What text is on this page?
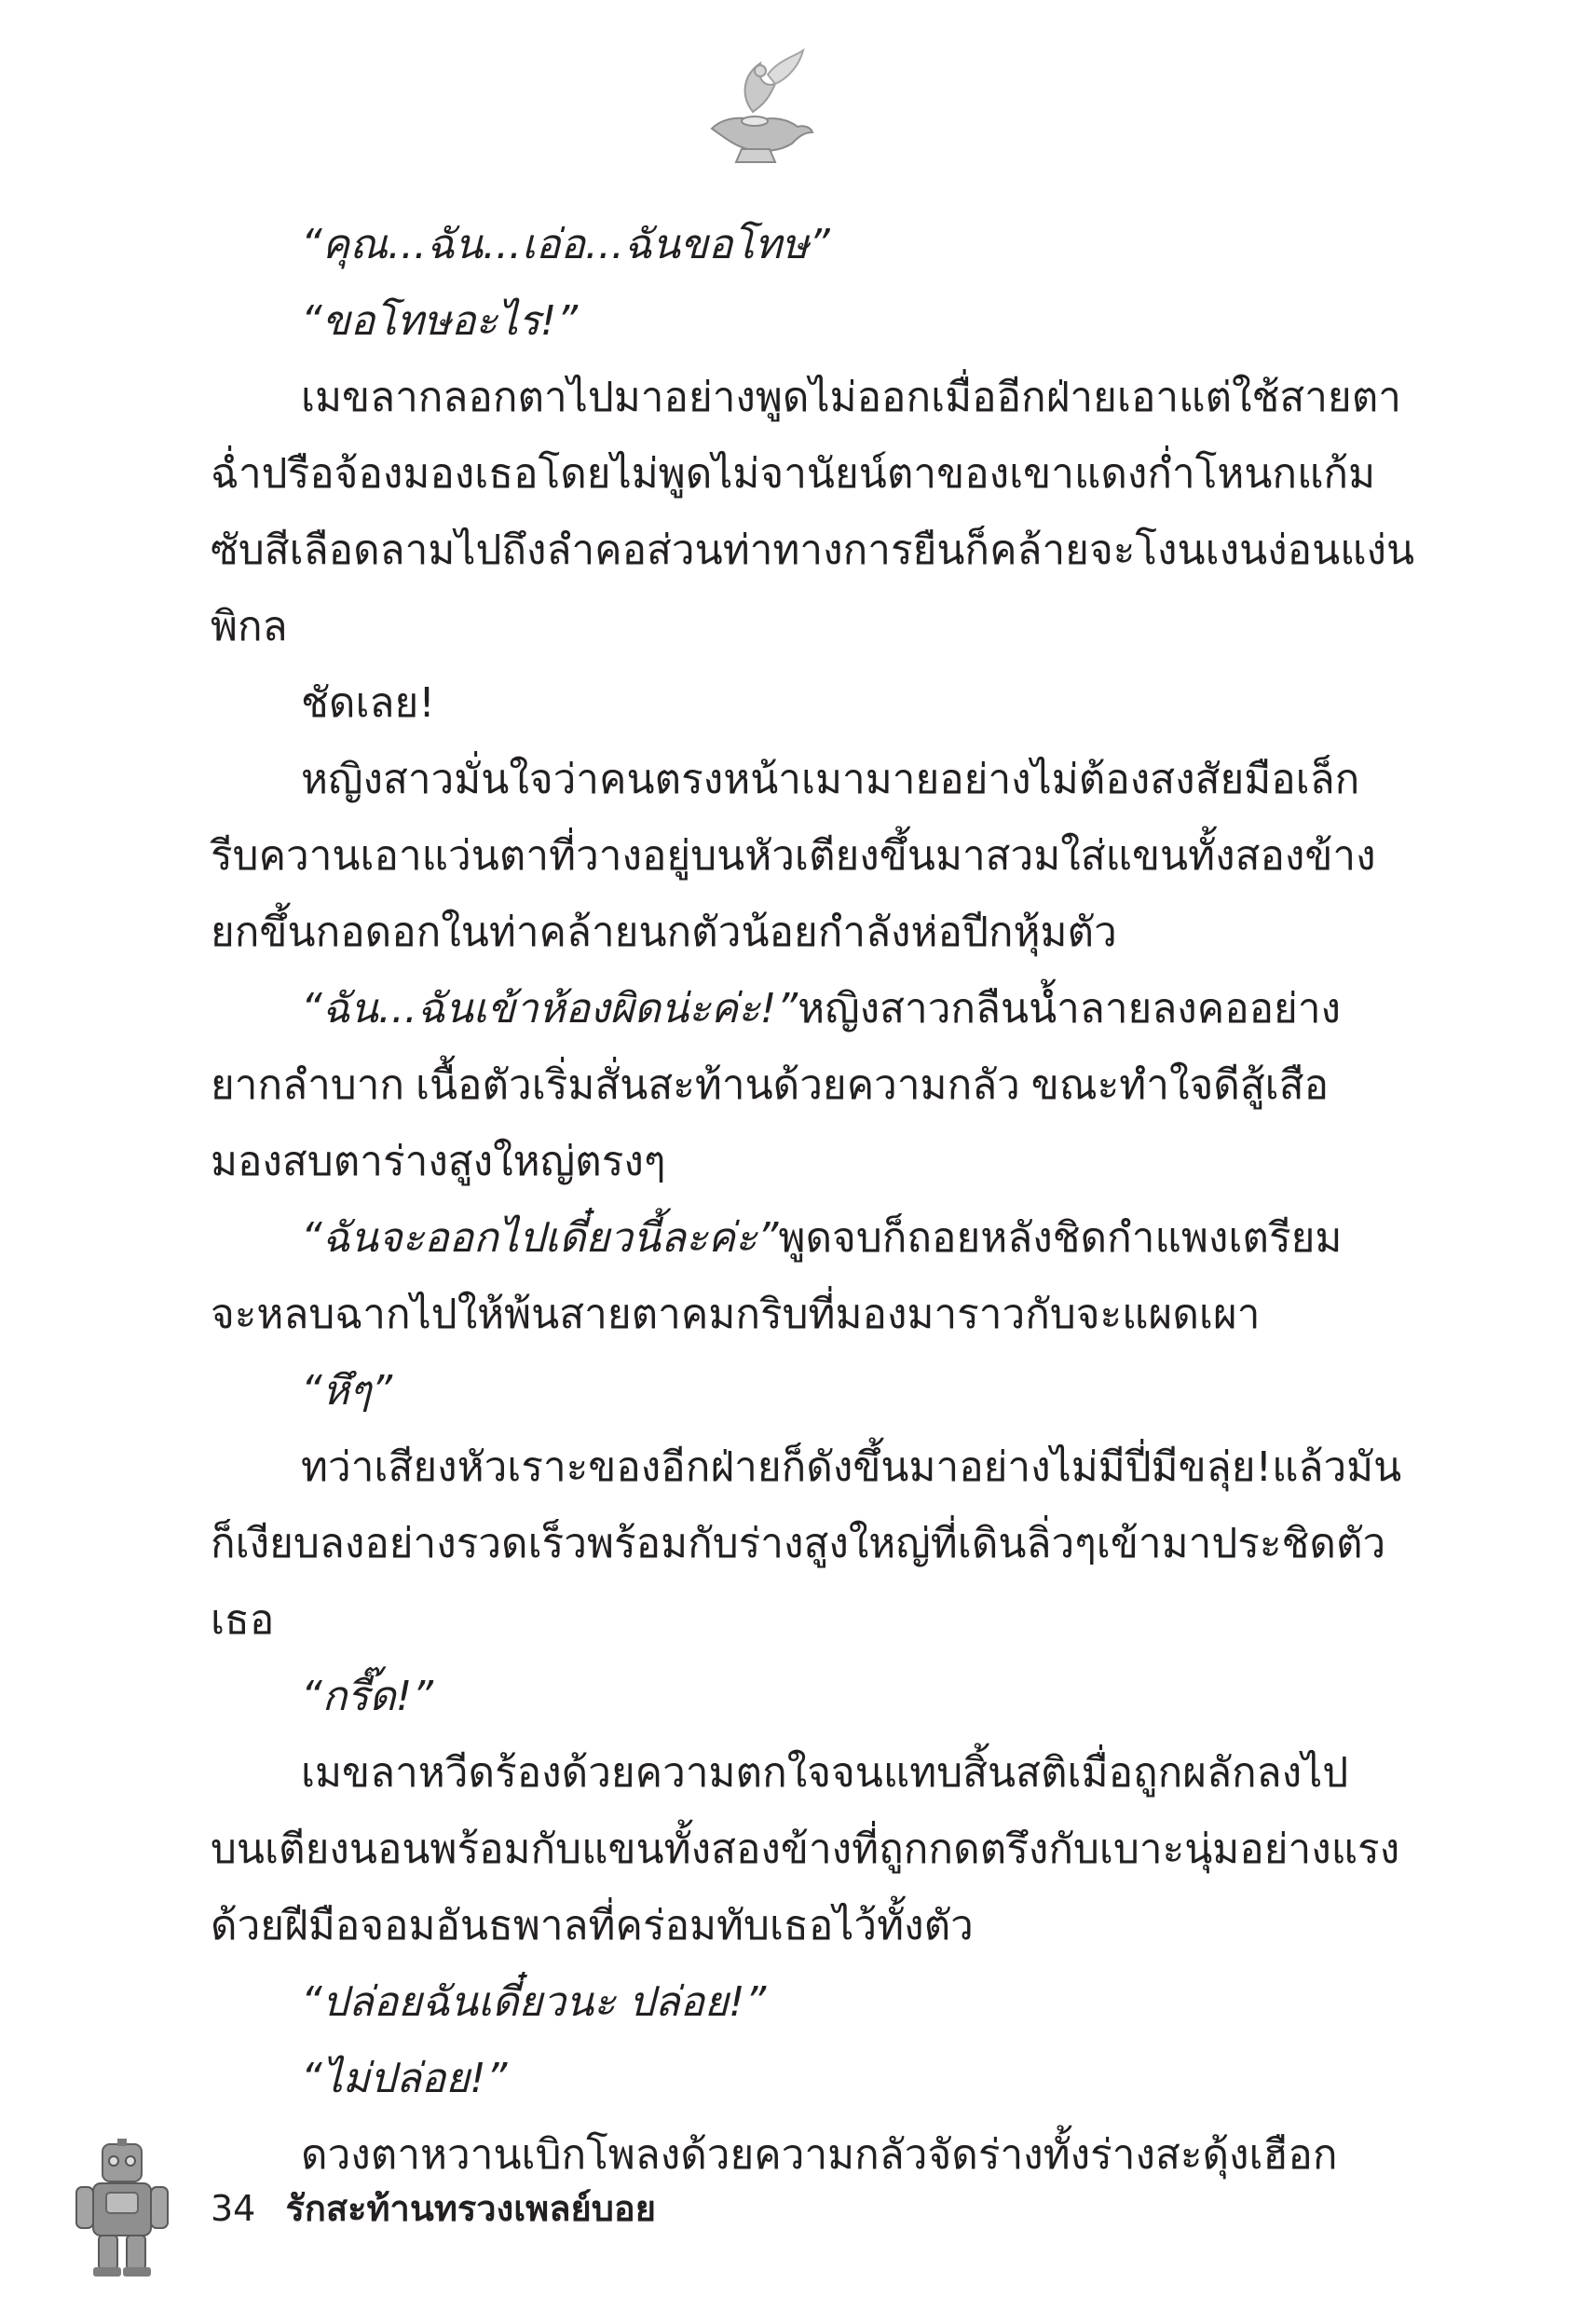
“คุณ...ฉัน...เอ่อ...ฉันขอโทษ”
“ขอโทษอะไร!”
เมขลากลอกตาไปมาอย่างพูดไม่ออกเมื่ออีกฝ่ายเอาแต่ใช้สายตา
ฉ่ำปรือจ้องมองเธอโดยไม่พูดไม่จา นัยน์ตาของเขาแดงก่ำ โหนกแก้ม
ซับสีเลือดลามไปถึงลำคอ ส่วนท่าทางการยืนก็คล้ายจะโงนเงนง่อนแง่น
พิกล
ชัดเลย!
หญิงสาวมั่นใจว่าคนตรงหน้าเมามายอย่างไม่ต้องสงสัย มือเล็ก
รีบควานเอาแว่นตาที่วางอยู่บนหัวเตียงขึ้นมาสวมใส่ แขนทั้งสองข้าง
ยกขึ้นกอดอกในท่าคล้ายนกตัวน้อยกำลังห่อปีกหุ้มตัว
“ฉัน...ฉันเข้าห้องผิดน่ะค่ะ!” หญิงสาวกลืนน้ำลายลงคออย่าง
ยากลำบาก เนื้อตัวเริ่มสั่นสะท้านด้วยความกลัว ขณะทำใจดีสู้เสือ
มองสบตาร่างสูงใหญ่ตรงๆ
“ฉันจะออกไปเดี๋ยวนี้ละค่ะ” พูดจบก็ถอยหลังชิดกำแพง เตรียม
จะหลบฉากไปให้พ้นสายตาคมกริบที่มองมาราวกับจะแผดเผา
“หึๆ”
ทว่าเสียงหัวเราะของอีกฝ่ายก็ดังขึ้นมาอย่างไม่มีปี่มีขลุ่ย! แล้วมัน
ก็เงียบลงอย่างรวดเร็วพร้อมกับร่างสูงใหญ่ที่เดินลิ่วๆ เข้ามาประชิดตัว
เธอ
“กรี๊ด!”
เมขลาหวีดร้องด้วยความตกใจจนแทบสิ้นสติ เมื่อถูกผลักลงไป
บนเตียงนอน พร้อมกับแขนทั้งสองข้างที่ถูกกดตรึงกับเบาะนุ่มอย่างแรง
ด้วยฝีมือจอมอันธพาลที่คร่อมทับเธอไว้ทั้งตัว
“ปล่อยฉันเดี๋ยวนะ ปล่อย!”
“ไม่ปล่อย!”
ดวงตาหวานเบิกโพลงด้วยความกลัวจัด ร่างทั้งร่างสะดุ้งเฮือก
34 รักสะท้านทรวงเพลย์บอย
